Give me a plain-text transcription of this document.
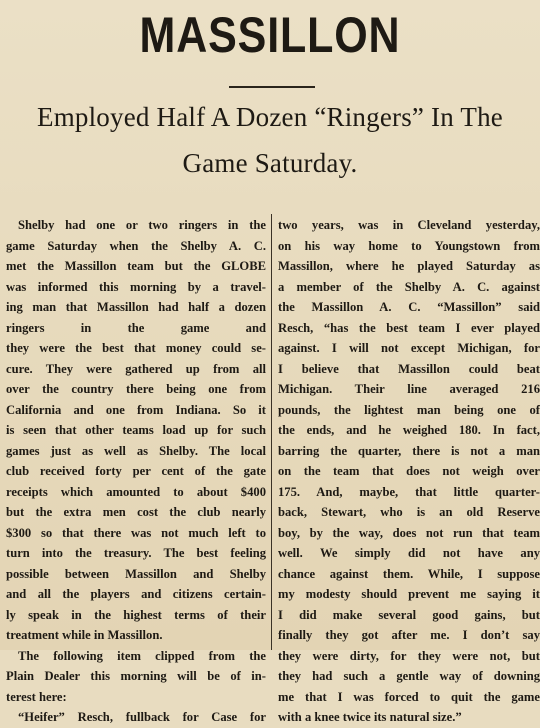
MASSILLON
Employed Half A Dozen “Ringers” In The
Game Saturday.
Shelby had one or two ringers in the
game Saturday when the Shelby A. C.
met the Massillon team but the GLOBE
was informed this morning by a travel-
ing man that Massillon had half a dozen
ringers in the game and
they were the best that money could se-
cure. They were gathered up from all
over the country there being one from
California and one from Indiana. So it
is seen that other teams load up for such
games just as well as Shelby. The local
club received forty per cent of the gate
receipts which amounted to about $400
but the extra men cost the club nearly
$300 so that there was not much left to
turn into the treasury. The best feeling
possible between Massillon and Shelby
and all the players and citizens certain-
ly speak in the highest terms of their
treatment while in Massillon.
The following item clipped from the
Plain Dealer this morning will be of in-
terest here:
“Heifer” Resch, fullback for Case for
two years, was in Cleveland yesterday,
on his way home to Youngstown from
Massillon, where he played Saturday as
a member of the Shelby A. C. against
the Massillon A. C. “Massillon” said
Resch, “has the best team I ever played
against. I will not except Michigan, for
I believe that Massillon could beat
Michigan. Their line averaged 216
pounds, the lightest man being one of
the ends, and he weighed 180. In fact,
barring the quarter, there is not a man
on the team that does not weigh over
175. And, maybe, that little quarter-
back, Stewart, who is an old Reserve
boy, by the way, does not run that team
well. We simply did not have any
chance against them. While, I suppose
my modesty should prevent me saying it
I did make several good gains, but
finally they got after me. I don’t say
they were dirty, for they were not, but
they had such a gentle way of downing
me that I was forced to quit the game
with a knee twice its natural size.”
